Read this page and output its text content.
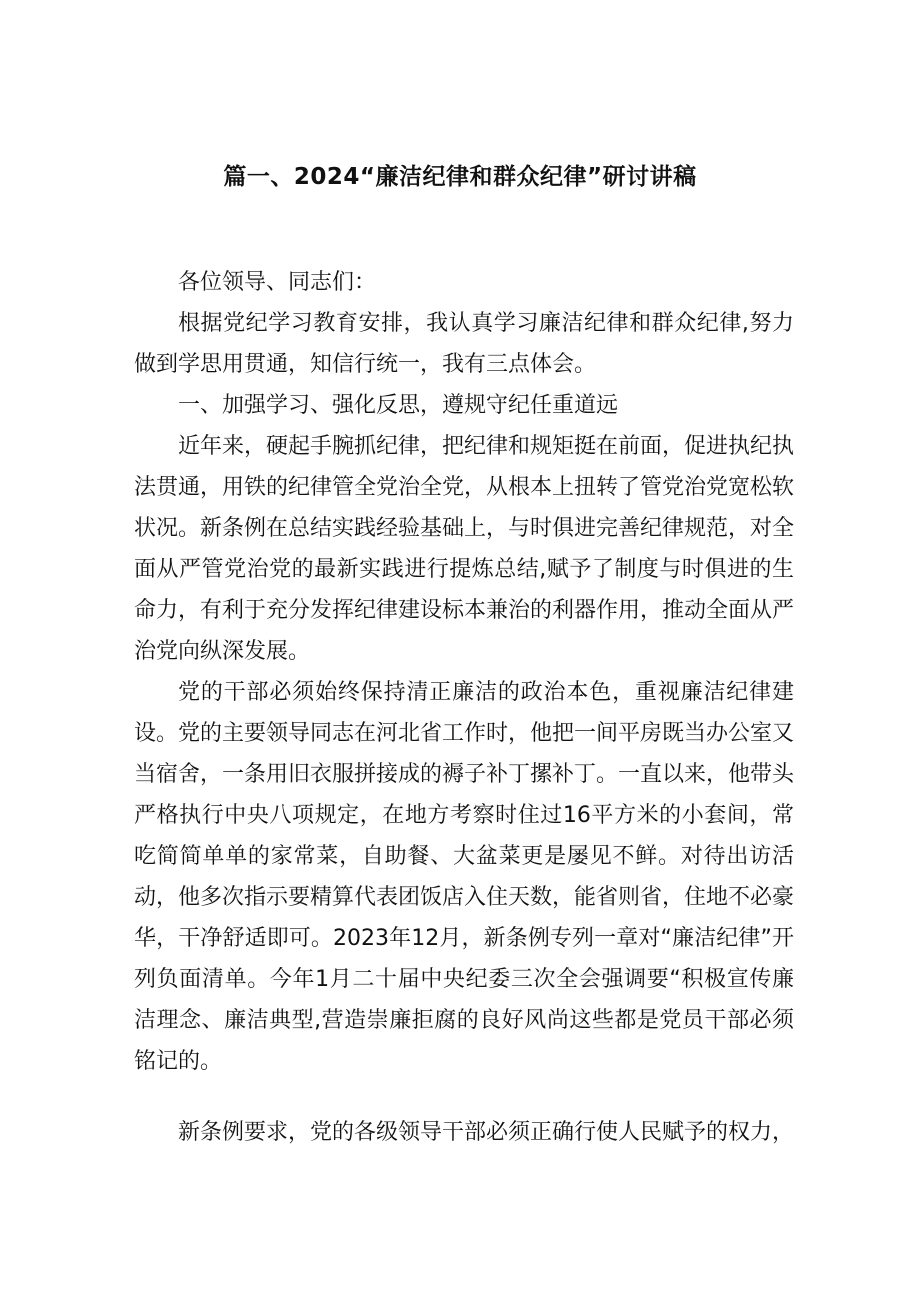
篇一、2024“廉洁纪律和群众纪律”研讨讲稿

各位领导、同志们：

根据党纪学习教育安排，我认真学习廉洁纪律和群众纪律,努力做到学思用贯通，知信行统一，我有三点体会。

一、加强学习、强化反思，遵规守纪任重道远

近年来，硬起手腕抓纪律，把纪律和规矩挺在前面，促进执纪执法贯通，用铁的纪律管全党治全党，从根本上扭转了管党治党宽松软状况。新条例在总结实践经验基础上，与时俱进完善纪律规范，对全面从严管党治党的最新实践进行提炼总结,赋予了制度与时俱进的生命力，有利于充分发挥纪律建设标本兼治的利器作用，推动全面从严治党向纵深发展。

党的干部必须始终保持清正廉洁的政治本色，重视廉洁纪律建设。党的主要领导同志在河北省工作时，他把一间平房既当办公室又当宿舍，一条用旧衣服拼接成的褥子补丁摞补丁。一直以来，他带头严格执行中央八项规定，在地方考察时住过16平方米的小套间，常吃简简单单的家常菜，自助餐、大盆菜更是屡见不鲜。对待出访活动，他多次指示要精算代表团饭店入住天数，能省则省，住地不必豪华，干净舒适即可。2023年12月，新条例专列一章对“廉洁纪律”开列负面清单。今年1月二十届中央纪委三次全会强调要“积极宣传廉洁理念、廉洁典型,营造崇廉拒腐的良好风尚这些都是党员干部必须铭记的。

新条例要求，党的各级领导干部必须正确行使人民赋予的权力，
